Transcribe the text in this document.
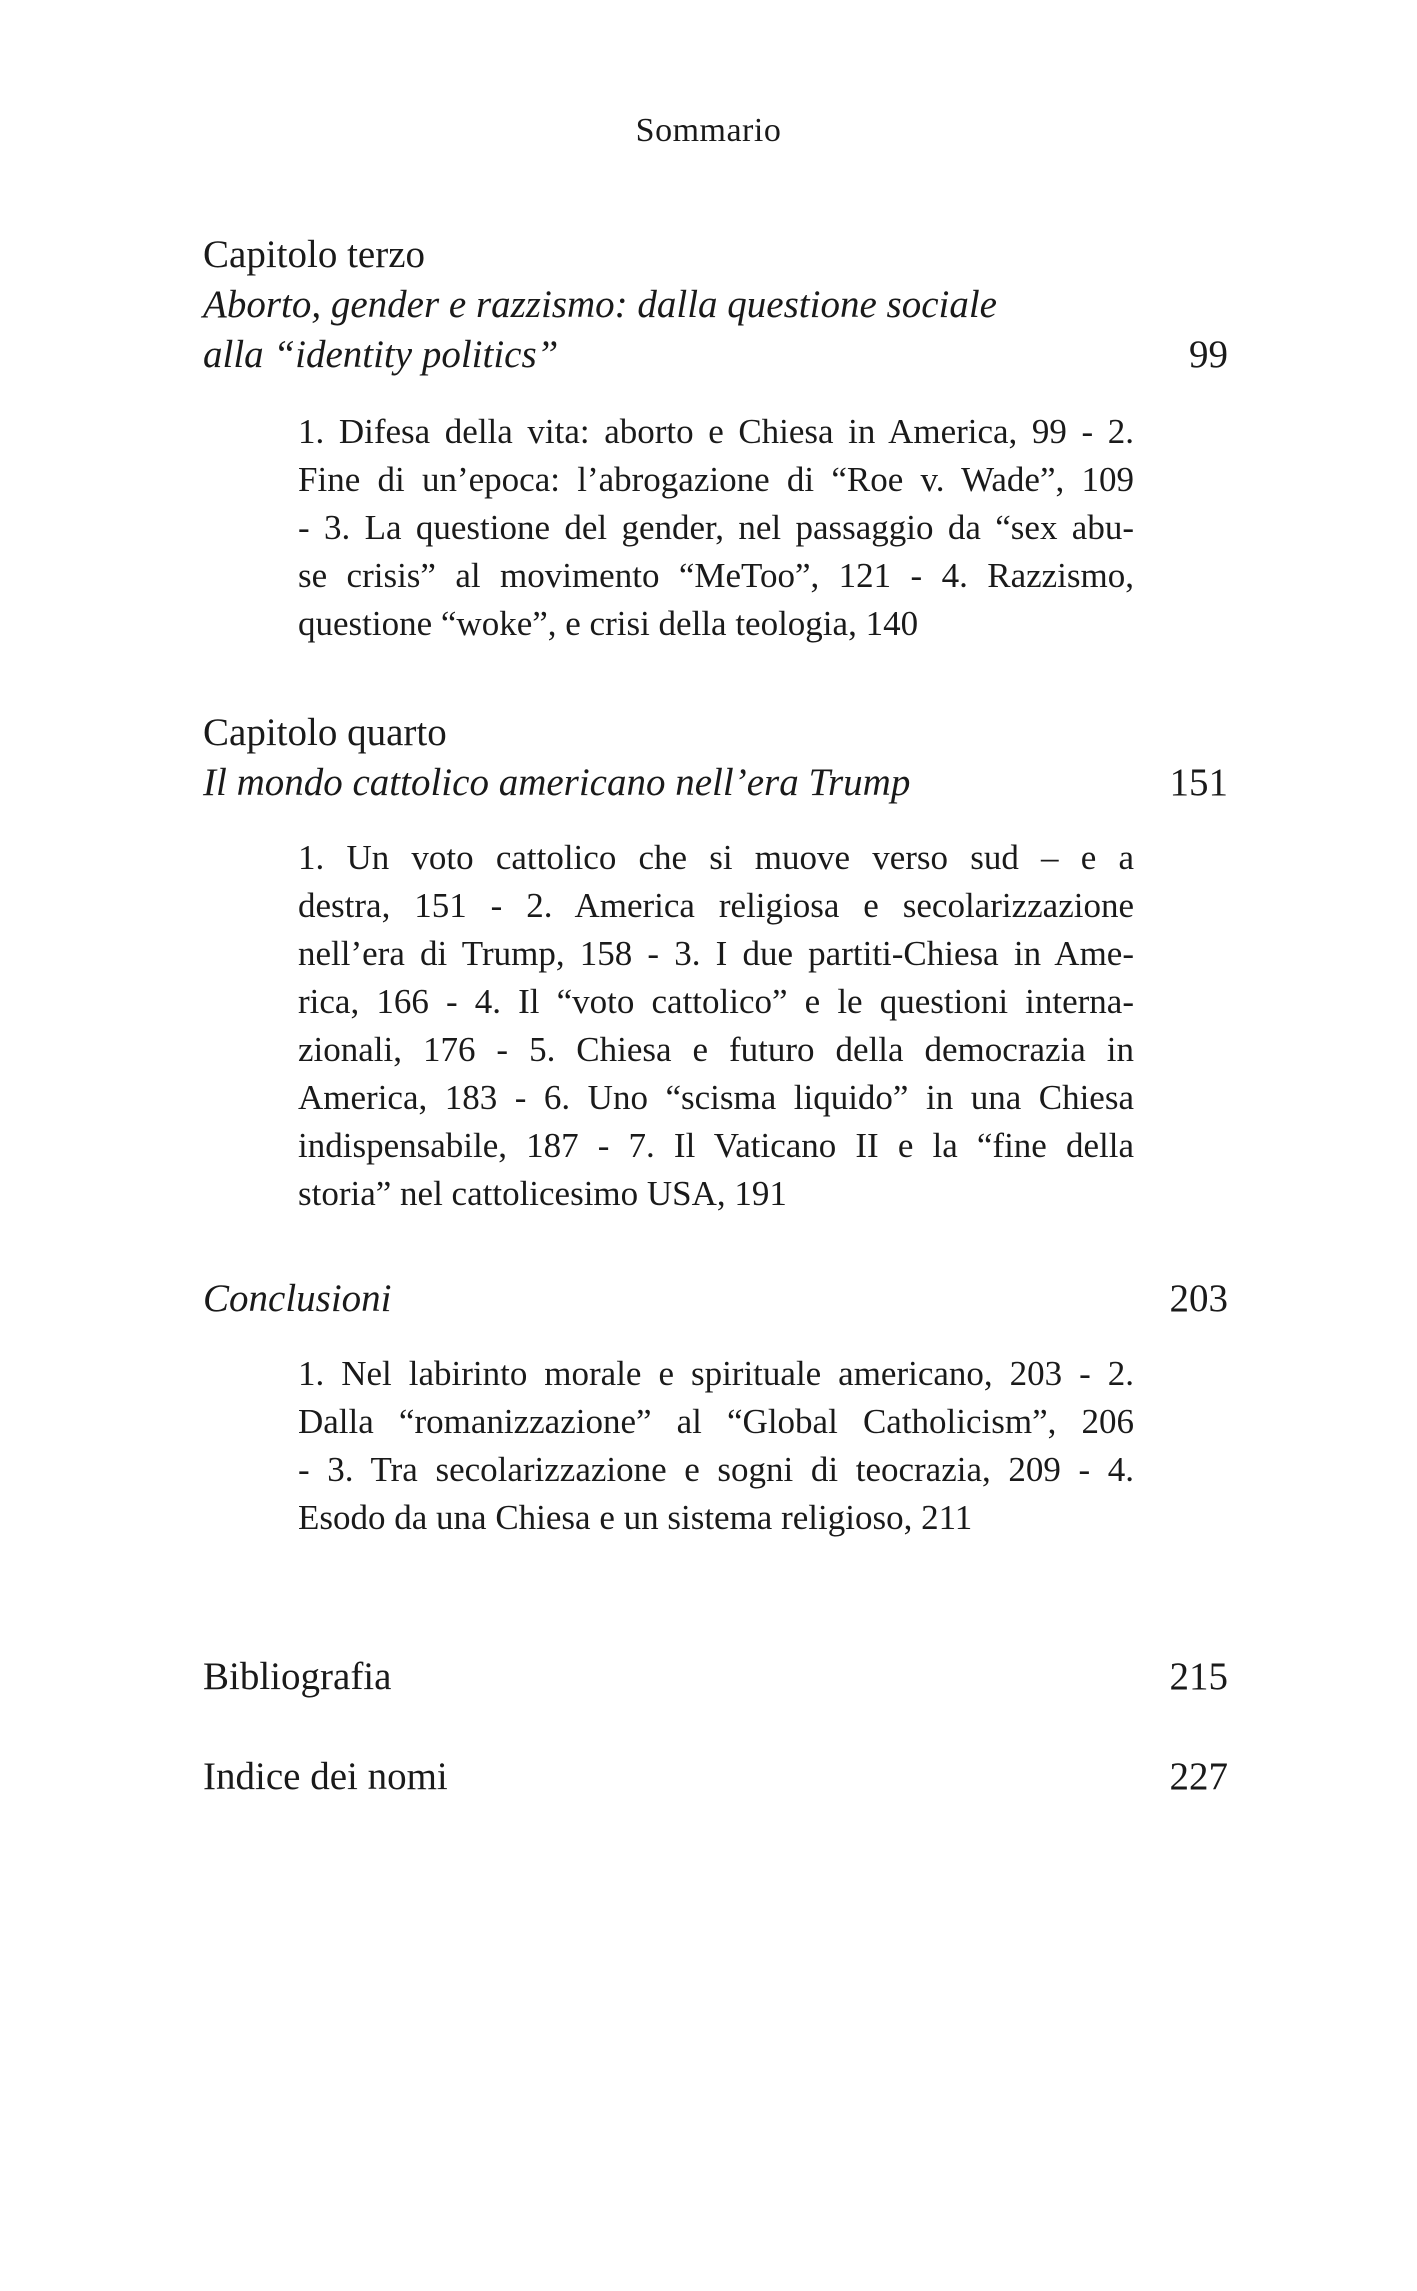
Sommario
Capitolo terzo
Aborto, gender e razzismo: dalla questione sociale
alla “identity politics”	99
1. Difesa della vita: aborto e Chiesa in America, 99 - 2.
Fine di un’epoca: l’abrogazione di “Roe v. Wade”, 109
- 3. La questione del gender, nel passaggio da “sex abu-
se crisis” al movimento “MeToo”, 121 - 4. Razzismo,
questione “woke”, e crisi della teologia, 140
Capitolo quarto
Il mondo cattolico americano nell’era Trump	151
1. Un voto cattolico che si muove verso sud – e a
destra, 151 - 2. America religiosa e secolarizzazione
nell’era di Trump, 158 - 3. I due partiti-Chiesa in Ame-
rica, 166 - 4. Il “voto cattolico” e le questioni interna-
zionali, 176 - 5. Chiesa e futuro della democrazia in
America, 183 - 6. Uno “scisma liquido” in una Chiesa
indispensabile, 187 - 7. Il Vaticano II e la “fine della
storia” nel cattolicesimo USA, 191
Conclusioni	203
1. Nel labirinto morale e spirituale americano, 203 - 2.
Dalla “romanizzazione” al “Global Catholicism”, 206
- 3. Tra secolarizzazione e sogni di teocrazia, 209 - 4.
Esodo da una Chiesa e un sistema religioso, 211
Bibliografia	215
Indice dei nomi	227
